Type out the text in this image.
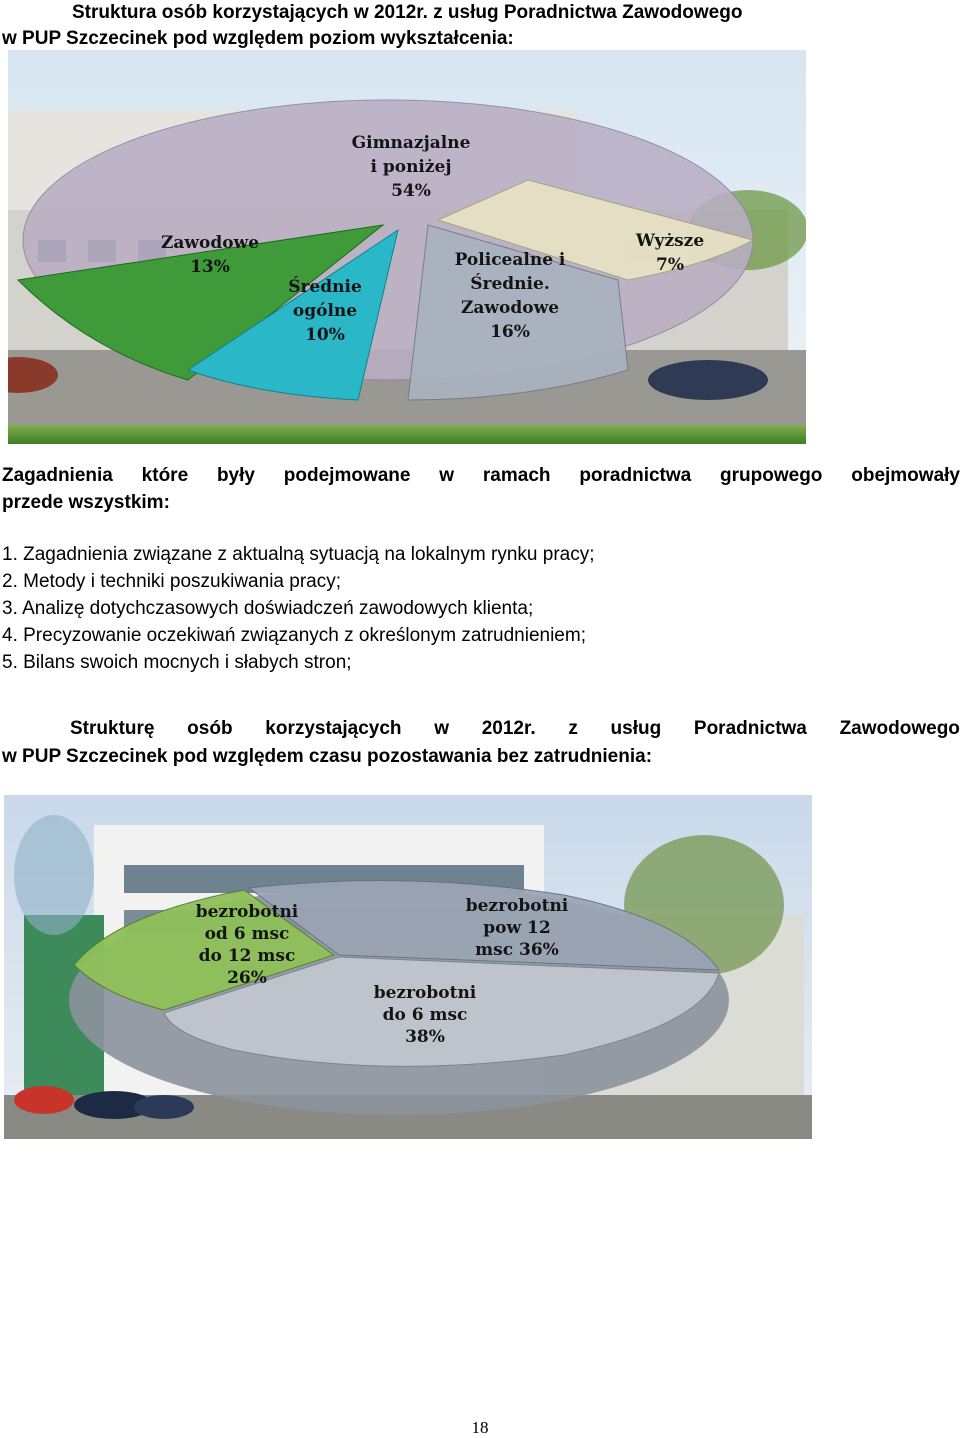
Struktura osób korzystających w 2012r. z usług Poradnictwa Zawodowego
w PUP Szczecinek pod względem poziom wykształcenia:
Gimnazjalne i poniżej 54%
Zawodowe 13%
Średnie ogólne 10%
Policealne i Średnie. Zawodowe 16%
Wyższe 7%
Zagadnienia które były podejmowane w ramach poradnictwa grupowego obejmowały
przede wszystkim:
1. Zagadnienia związane z aktualną sytuacją na lokalnym rynku pracy;
2. Metody i techniki poszukiwania pracy;
3. Analizę dotychczasowych doświadczeń zawodowych klienta;
4. Precyzowanie oczekiwań związanych z określonym zatrudnieniem;
5. Bilans swoich mocnych i słabych stron;
Strukturę osób korzystających w 2012r. z usług Poradnictwa Zawodowego
w PUP Szczecinek pod względem czasu pozostawania bez zatrudnienia:
bezrobotni od 6 msc do 12 msc 26%
bezrobotni pow 12 msc 36%
bezrobotni do 6 msc 38%
18
